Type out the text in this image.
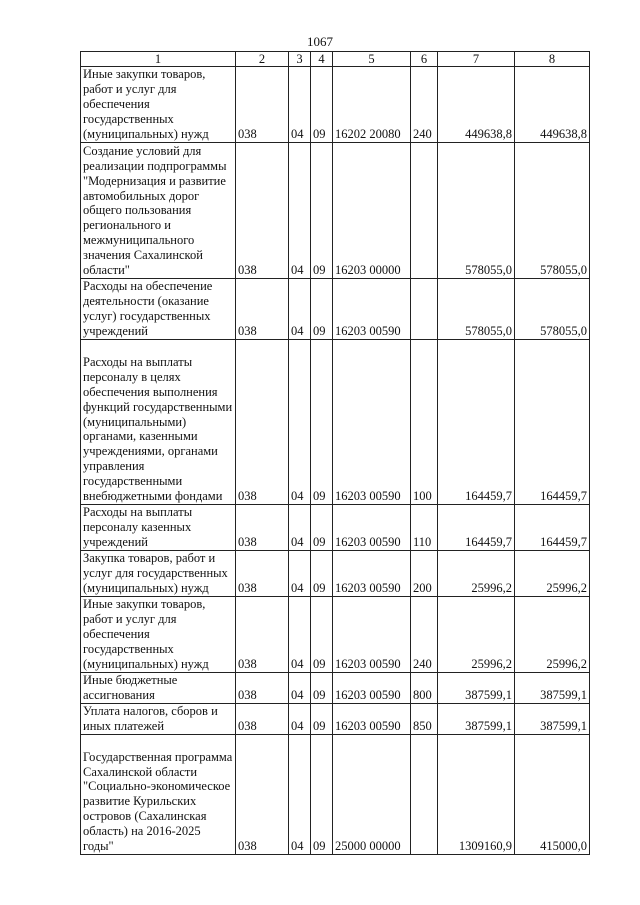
1067
1	2	3	4	5	6	7	8
Иные закупки товаров, работ и услуг для обеспечения государственных (муниципальных) нужд	038	04	09	16202 20080	240	449638,8	449638,8
Создание условий для реализации подпрограммы "Модернизация и развитие автомобильных дорог общего пользования регионального и межмуниципального значения Сахалинской области"	038	04	09	16203 00000		578055,0	578055,0
Расходы на обеспечение деятельности (оказание услуг) государственных учреждений	038	04	09	16203 00590		578055,0	578055,0
Расходы на выплаты персоналу в целях обеспечения выполнения функций государственными (муниципальными) органами, казенными учреждениями, органами управления государственными внебюджетными фондами	038	04	09	16203 00590	100	164459,7	164459,7
Расходы на выплаты персоналу казенных учреждений	038	04	09	16203 00590	110	164459,7	164459,7
Закупка товаров, работ и услуг для государственных (муниципальных) нужд	038	04	09	16203 00590	200	25996,2	25996,2
Иные закупки товаров, работ и услуг для обеспечения государственных (муниципальных) нужд	038	04	09	16203 00590	240	25996,2	25996,2
Иные бюджетные ассигнования	038	04	09	16203 00590	800	387599,1	387599,1
Уплата налогов, сборов и иных платежей	038	04	09	16203 00590	850	387599,1	387599,1
Государственная программа Сахалинской области "Социально-экономическое развитие Курильских островов (Сахалинская область) на 2016-2025 годы"	038	04	09	25000 00000		1309160,9	415000,0
